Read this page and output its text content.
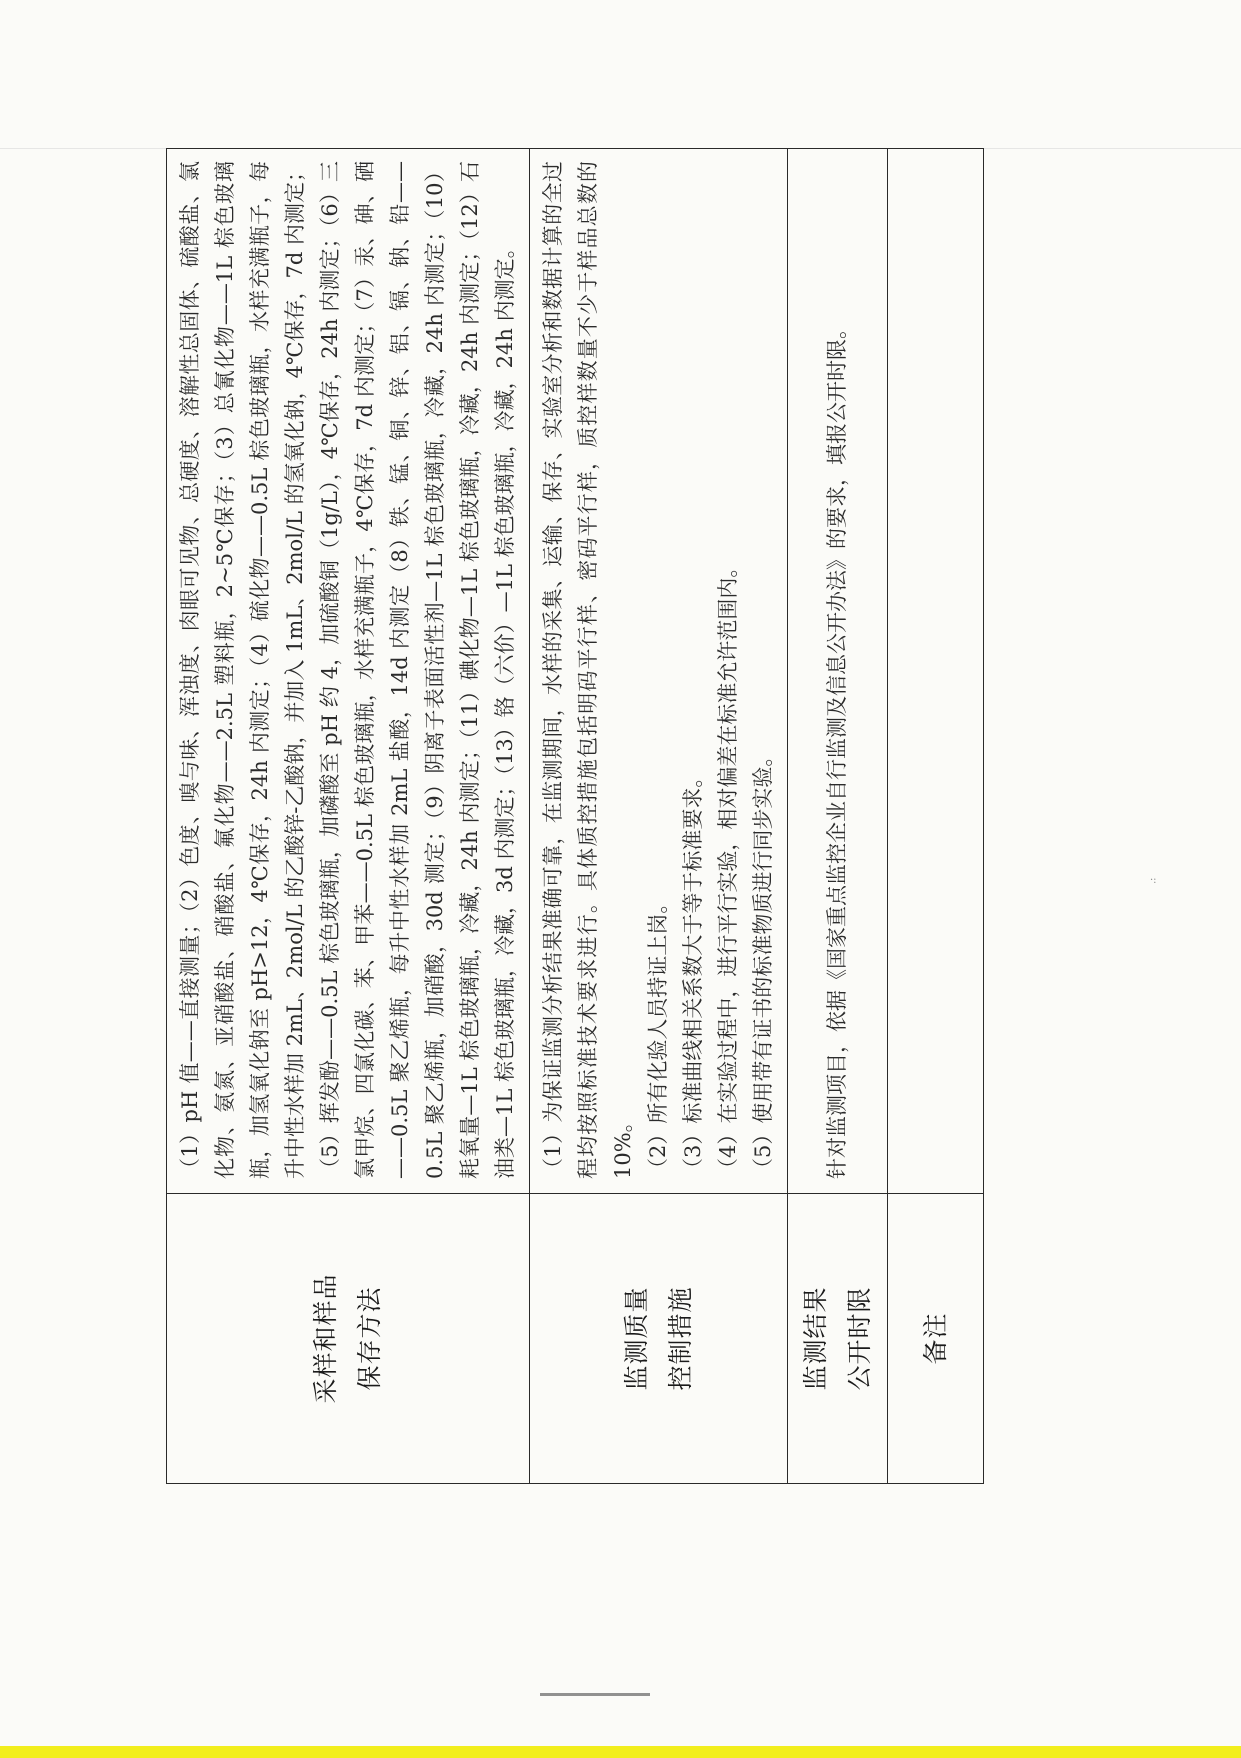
采样和样品 保存方法	（1）pH 值——直接测量；（2）色度、嗅与味、浑浊度、肉眼可见物、总硬度、溶解性总固体、硫酸盐、氯化物、氨氮、亚硝酸盐、硝酸盐、氟化物——2.5L 塑料瓶，2~5℃保存；（3）总氰化物——1L 棕色玻璃瓶，加氢氧化钠至 pH>12，4℃保存，24h 内测定；（4）硫化物——0.5L 棕色玻璃瓶，水样充满瓶子，每升中性水样加 2mL、2mol/L 的乙酸锌-乙酸钠，并加入 1mL、2mol/L 的氢氧化钠，4℃保存，7d 内测定；（5）挥发酚——0.5L 棕色玻璃瓶，加磷酸至 pH 约 4，加硫酸铜（1g/L），4℃保存，24h 内测定；（6）三氯甲烷、四氯化碳、苯、甲苯——0.5L 棕色玻璃瓶，水样充满瓶子，4℃保存，7d 内测定；（7）汞、砷、硒——0.5L 聚乙烯瓶，每升中性水样加 2mL 盐酸，14d 内测定（8）铁、锰、铜、锌、铝、镉、钠、铅——0.5L 聚乙烯瓶，加硝酸，30d 测定；（9）阴离子表面活性剂—1L 棕色玻璃瓶，冷藏，24h 内测定；（10）耗氧量—1L 棕色玻璃瓶，冷藏，24h 内测定；（11）碘化物—1L 棕色玻璃瓶，冷藏，24h 内测定；（12）石油类—1L 棕色玻璃瓶，冷藏，3d 内测定；（13）铬（六价）—1L 棕色玻璃瓶，冷藏，24h 内测定。

监测质量 控制措施	（1）为保证监测分析结果准确可靠，在监测期间，水样的采集、运输、保存、实验室分析和数据计算的全过程均按照标准技术要求进行。具体质控措施包括明码平行样、密码平行样，质控样数量不少于样品总数的 10%。 （2）所有化验人员持证上岗。 （3）标准曲线相关系数大于等于标准要求。 （4）在实验过程中，进行平行实验，相对偏差在标准允许范围内。 （5）使用带有证书的标准物质进行同步实验。

监测结果 公开时限	针对监测项目，依据《国家重点监控企业自行监测及信息公开办法》的要求，填报公开时限。

备注	

·:
